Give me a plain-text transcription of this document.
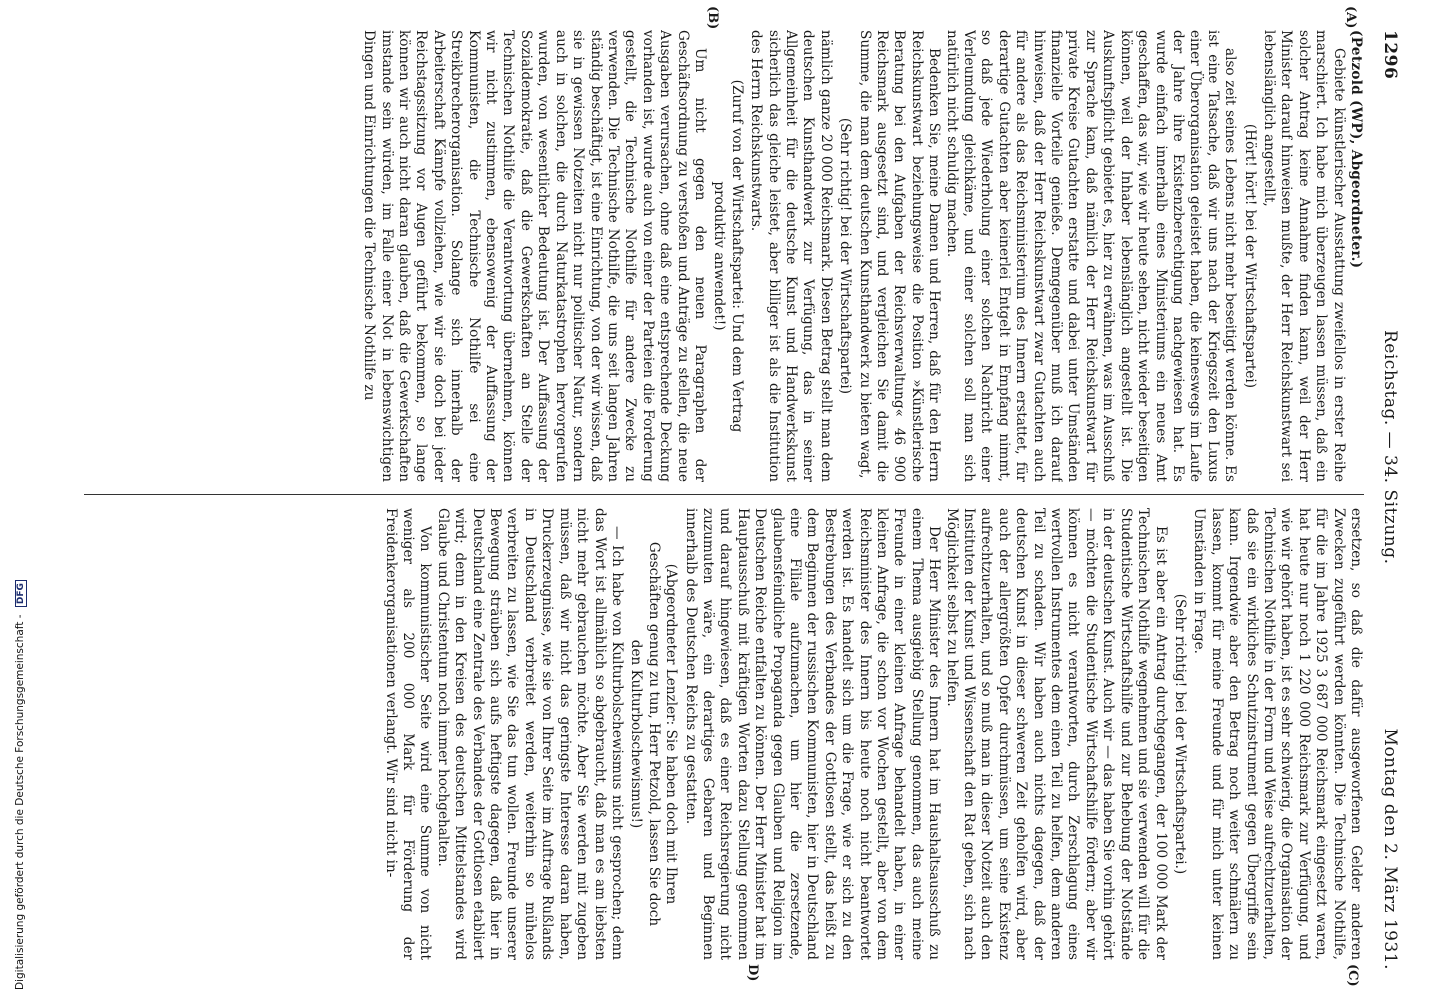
1296
Reichstag. — 34. Sitzung.
Montag den 2. März 1931.
(A)
(B)
(C)
D)

(Petzold (WP), Abgeordneter.)

Gebiete künstlerischer Ausstattung zweifellos in erster Reihe marschiert. Ich habe mich überzeugen lassen müssen, daß ein solcher Antrag keine Annahme finden kann, weil der Herr Minister darauf hinweisen mußte, der Herr Reichskunstwart sei lebenslänglich angestellt,

(Hört! hört! bei der Wirtschaftspartei)

also zeit seines Lebens nicht mehr beseitigt werden könne. Es ist eine Tatsache, daß wir uns nach der Kriegszeit den Luxus einer Überorganisation geleistet haben, die keineswegs im Laufe der Jahre ihre Existenzberechtigung nachgewiesen hat. Es wurde einfach innerhalb eines Ministeriums ein neues Amt geschaffen, das wir, wie wir heute sehen, nicht wieder beseitigen können, weil der Inhaber lebenslänglich angestellt ist. Die Auskunftspflicht gebietet es, hier zu erwähnen, was im Ausschuß zur Sprache kam, daß nämlich der Herr Reichskunstwart für private Kreise Gutachten erstatte und dabei unter Umständen finanzielle Vorteile genieße. Demgegenüber muß ich darauf hinweisen, daß der Herr Reichskunstwart zwar Gutachten auch für andere als das Reichsministerium des Innern erstattet, für derartige Gutachten aber keinerlei Entgelt in Empfang nimmt, so daß jede Wiederholung einer solchen Nachricht einer Verleumdung gleichkäme, und einer solchen soll man sich natürlich nicht schuldig machen.

Bedenken Sie, meine Damen und Herren, daß für den Herrn Reichskunstwart beziehungsweise die Position »Künstlerische Beratung bei den Aufgaben der Reichsverwaltung« 46 900 Reichsmark ausgesetzt sind, und vergleichen Sie damit die Summe, die man dem deutschen Kunsthandwerk zu bieten wagt,

(Sehr richtig! bei der Wirtschaftspartei)

nämlich ganze 20 000 Reichsmark. Diesen Betrag stellt man dem deutschen Kunsthandwerk zur Verfügung, das in seiner Allgemeinheit für die deutsche Kunst und Handwerkskunst sicherlich das gleiche leistet, aber billiger ist als die Institution des Herrn Reichskunstwarts.

(Zuruf von der Wirtschaftspartei: Und dem Vertrag produktiv anwendet!)

Um nicht gegen den neuen Paragraphen der Geschäftsordnung zu verstoßen und Anträge zu stellen, die neue Ausgaben verursachen, ohne daß eine entsprechende Deckung vorhanden ist, wurde auch von einer der Parteien die Forderung gestellt, die Technische Nothilfe für andere Zwecke zu verwenden. Die Technische Nothilfe, die uns seit langen Jahren ständig beschäftigt, ist eine Einrichtung, von der wir wissen, daß sie in gewissen Notzeiten nicht nur politischer Natur, sondern auch in solchen, die durch Naturkatastrophen hervorgerufen wurden, von wesentlicher Bedeutung ist. Der Auffassung der Sozialdemokratie, daß die Gewerkschaften an Stelle der Technischen Nothilfe die Verantwortung übernehmen, können wir nicht zustimmen, ebensowenig der Auffassung der Kommunisten, die Technische Nothilfe sei eine Streikbrecherorganisation. Solange sich innerhalb der Arbeiterschaft Kämpfe vollziehen, wie wir sie doch bei jeder Reichstagssitzung vor Augen geführt bekommen, so lange können wir auch nicht daran glauben, daß die Gewerkschaften imstande sein würden, im Falle einer Not in lebenswichtigen Dingen und Einrichtungen die Technische Nothilfe zu

ersetzen, so daß die dafür ausgeworfenen Gelder anderen Zwecken zugeführt werden könnten. Die Technische Nothilfe, für die im Jahre 1925 3 687 000 Reichsmark eingesetzt waren, hat heute nur noch 1 220 000 Reichsmark zur Verfügung, und wie wir gehört haben, ist es sehr schwierig, die Organisation der Technischen Nothilfe in der Form und Weise aufrechtzuerhalten, daß sie ein wirkliches Schutzinstrument gegen Übergriffe sein kann. Irgendwie aber den Betrag noch weiter schmälern zu lassen, kommt für meine Freunde und für mich unter keinen Umständen in Frage.

(Sehr richtig! bei der Wirtschaftspartei.)

Es ist aber ein Antrag durchgegangen, der 100 000 Mark der Technischen Nothilfe wegnehmen und sie verwenden will für die Studentische Wirtschaftshilfe und zur Behebung der Notstände in der deutschen Kunst. Auch wir — das haben Sie vorhin gehört — möchten die Studentische Wirtschaftshilfe fördern; aber wir können es nicht verantworten, durch Zerschlagung eines wertvollen Instrumentes dem einen Teil zu helfen, dem anderen Teil zu schaden. Wir haben auch nichts dagegen, daß der deutschen Kunst in dieser schweren Zeit geholfen wird, aber auch der allergrößten Opfer durchmüssen, um seine Existenz aufrechtzuerhalten, und so muß man in dieser Notzeit auch den Instituten der Kunst und Wissenschaft den Rat geben, sich nach Möglichkeit selbst zu helfen.

Der Herr Minister des Innern hat im Haushaltsausschuß zu einem Thema ausgiebig Stellung genommen, das auch meine Freunde in einer kleinen Anfrage behandelt haben, in einer kleinen Anfrage, die schon vor Wochen gestellt, aber von dem Reichsminister des Innern bis heute noch nicht beantwortet werden ist. Es handelt sich um die Frage, wie er sich zu den Bestrebungen des Verbandes der Gottlosen stellt, das heißt zu dem Beginnen der russischen Kommunisten, hier in Deutschland eine Filiale aufzumachen, um hier die zersetzende, glaubensfeindliche Propaganda gegen Glauben und Religion im Deutschen Reiche entfalten zu können. Der Herr Minister hat im Hauptausschuß mit kräftigen Worten dazu Stellung genommen und darauf hingewiesen, daß es einer Reichsregierung nicht zuzumuten wäre, ein derartiges Gebaren und Beginnen innerhalb des Deutschen Reichs zu gestatten.

(Abgeordneter Lenzler: Sie haben doch mit Ihren Geschäften genug zu tun, Herr Petzold, lassen Sie doch den Kulturbolschewismus!)

— Ich habe von Kulturbolschewismus nicht gesprochen; denn das Wort ist allmählich so abgebraucht, daß man es am liebsten nicht mehr gebrauchen möchte. Aber Sie werden mit zugeben müssen, daß wir nicht das geringste Interesse daran haben, Druckerzeugnisse, wie sie von Ihrer Seite im Auftrage Rußlands in Deutschland verbreitet werden, weiterhin so mühelos verbreiten zu lassen, wie Sie das tun wollen. Freunde unserer Bewegung sträuben sich aufs heftigste dagegen, daß hier in Deutschland eine Zentrale des Verbandes der Gottlosen etabliert wird; denn in den Kreisen des deutschen Mittelstandes wird Glaube und Christentum noch immer hochgehalten.

Von kommunistischer Seite wird eine Summe von nicht weniger als 200 000 Mark für Förderung der Freidenkerorganisationen verlangt. Wir sind nicht in-

Digitalisierung gefördert durch die Deutsche Forschungsgemeinschaft - DFG
